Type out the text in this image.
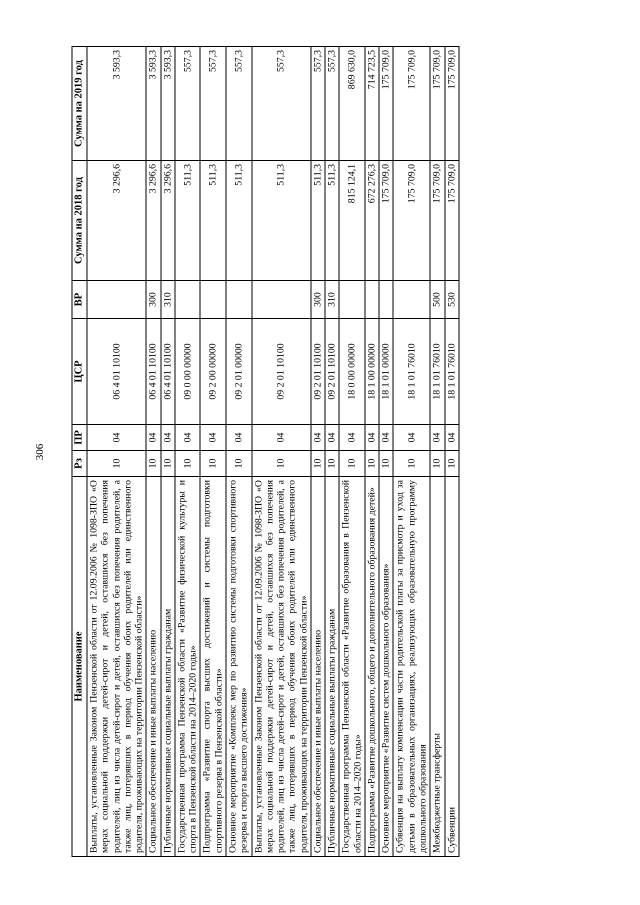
306
Наименование	Рз	ПР	ЦСР	ВР	Сумма на 2018 год	Сумма на 2019 год
Выплаты, установленные Законом Пензенской области от 12.09.2006 № 1098-ЗПО «О мерах социальной поддержки детей-сирот и детей, оставшихся без попечения родителей, лиц из числа детей-сирот и детей, оставшихся без попечения родителей, а также лиц, потерявших в период обучения обоих родителей или единственного родителя, проживающих на территории Пензенской области»	10	04	06 4 01 10100		3 296,6	3 593,3
Социальное обеспечение и иные выплаты населению	10	04	06 4 01 10100	300	3 296,6	3 593,3
Публичные нормативные социальные выплаты гражданам	10	04	06 4 01 10100	310	3 296,6	3 593,3
Государственная программа Пензенской области «Развитие физической культуры и спорта в Пензенской области на 2014–2020 годы»	10	04	09 0 00 00000		511,3	557,3
Подпрограмма «Развитие спорта высших достижений и системы подготовки спортивного резерва в Пензенской области»	10	04	09 2 00 00000		511,3	557,3
Основное мероприятие «Комплекс мер по развитию системы подготовки спортивного резерва и спорта высшего достижения»	10	04	09 2 01 00000		511,3	557,3
Выплаты, установленные Законом Пензенской области от 12.09.2006 № 1098-ЗПО «О мерах социальной поддержки детей-сирот и детей, оставшихся без попечения родителей, лиц из числа детей-сирот и детей, оставшихся без попечения родителей, а также лиц, потерявших в период обучения обоих родителей или единственного родителя, проживающих на территории Пензенской области»	10	04	09 2 01 10100		511,3	557,3
Социальное обеспечение и иные выплаты населению	10	04	09 2 01 10100	300	511,3	557,3
Публичные нормативные социальные выплаты гражданам	10	04	09 2 01 10100	310	511,3	557,3
Государственная программа Пензенской области «Развитие образования в Пензенской области на 2014–2020 годы»	10	04	18 0 00 00000		815 124,1	869 630,0
Подпрограмма «Развитие дошкольного, общего и дополнительного образования детей»	10	04	18 1 00 00000		672 276,3	714 723,5
Основное мероприятие «Развитие систем дошкольного образования»	10	04	18 1 01 00000		175 709,0	175 709,0
Субвенция на выплату компенсации части родительской платы за присмотр и уход за детьми в образовательных организациях, реализующих образовательную программу дошкольного образования	10	04	18 1 01 76010		175 709,0	175 709,0
Межбюджетные трансферты	10	04	18 1 01 76010	500	175 709,0	175 709,0
Субвенции	10	04	18 1 01 76010	530	175 709,0	175 709,0
